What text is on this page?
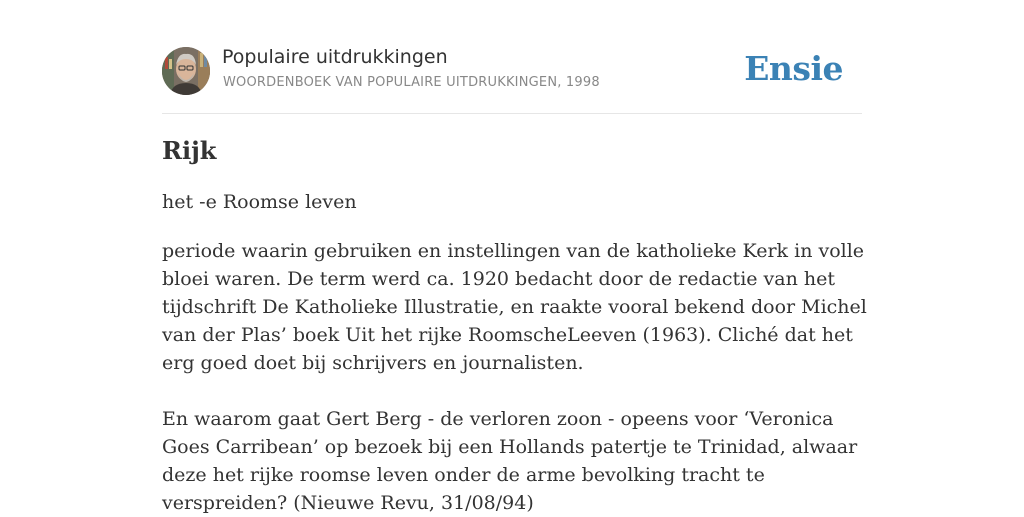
Populaire uitdrukkingen
WOORDENBOEK VAN POPULAIRE UITDRUKKINGEN, 1998	Ensie
Rijk
het -e Roomse leven

periode waarin gebruiken en instellingen van de katholieke Kerk in volle bloei waren. De term werd ca. 1920 bedacht door de redactie van het tijdschrift De Katholieke Illustratie, en raakte vooral bekend door Michel van der Plas’ boek Uit het rijke RoomscheLeeven (1963). Cliché dat het erg goed doet bij schrijvers en journalisten.

En waarom gaat Gert Berg - de verloren zoon - opeens voor ‘Veronica Goes Carribean’ op bezoek bij een Hollands patertje te Trinidad, alwaar deze het rijke roomse leven onder de arme bevolking tracht te verspreiden? (Nieuwe Revu, 31/08/94)
